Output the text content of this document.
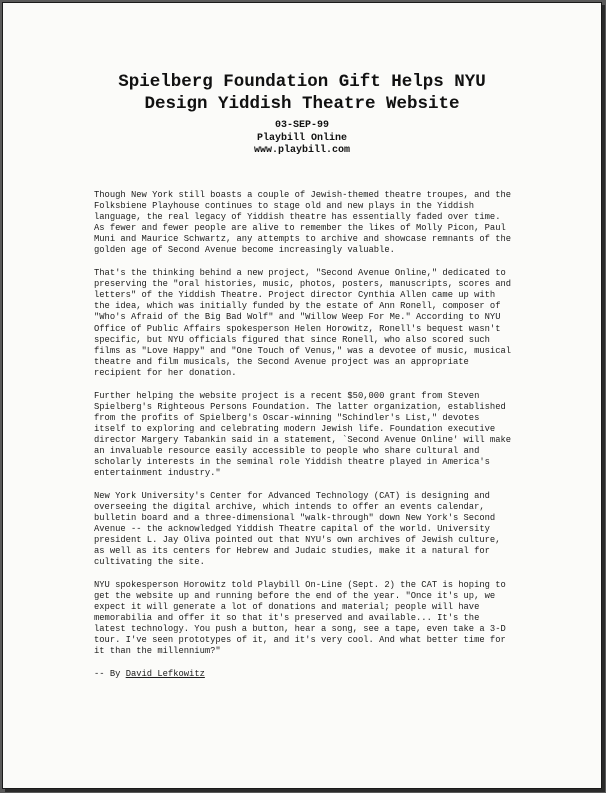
Spielberg Foundation Gift Helps NYU
Design Yiddish Theatre Website

03-SEP-99

Playbill Online

www.playbill.com

Though New York still boasts a couple of Jewish-themed theatre troupes, and the
Folksbiene Playhouse continues to stage old and new plays in the Yiddish
language, the real legacy of Yiddish theatre has essentially faded over time.
As fewer and fewer people are alive to remember the likes of Molly Picon, Paul
Muni and Maurice Schwartz, any attempts to archive and showcase remnants of the
golden age of Second Avenue become increasingly valuable.

That's the thinking behind a new project, "Second Avenue Online," dedicated to
preserving the "oral histories, music, photos, posters, manuscripts, scores and
letters" of the Yiddish Theatre. Project director Cynthia Allen came up with
the idea, which was initially funded by the estate of Ann Ronell, composer of
"Who's Afraid of the Big Bad Wolf" and "Willow Weep For Me." According to NYU
Office of Public Affairs spokesperson Helen Horowitz, Ronell's bequest wasn't
specific, but NYU officials figured that since Ronell, who also scored such
films as "Love Happy" and "One Touch of Venus," was a devotee of music, musical
theatre and film musicals, the Second Avenue project was an appropriate
recipient for her donation.

Further helping the website project is a recent $50,000 grant from Steven
Spielberg's Righteous Persons Foundation. The latter organization, established
from the profits of Spielberg's Oscar-winning "Schindler's List," devotes
itself to exploring and celebrating modern Jewish life. Foundation executive
director Margery Tabankin said in a statement, `Second Avenue Online' will make
an invaluable resource easily accessible to people who share cultural and
scholarly interests in the seminal role Yiddish theatre played in America's
entertainment industry."

New York University's Center for Advanced Technology (CAT) is designing and
overseeing the digital archive, which intends to offer an events calendar,
bulletin board and a three-dimensional "walk-through" down New York's Second
Avenue -- the acknowledged Yiddish Theatre capital of the world. University
president L. Jay Oliva pointed out that NYU's own archives of Jewish culture,
as well as its centers for Hebrew and Judaic studies, make it a natural for
cultivating the site.

NYU spokesperson Horowitz told Playbill On-Line (Sept. 2) the CAT is hoping to
get the website up and running before the end of the year. "Once it's up, we
expect it will generate a lot of donations and material; people will have
memorabilia and offer it so that it's preserved and available... It's the
latest technology. You push a button, hear a song, see a tape, even take a 3-D
tour. I've seen prototypes of it, and it's very cool. And what better time for
it than the millennium?"

-- By David Lefkowitz
